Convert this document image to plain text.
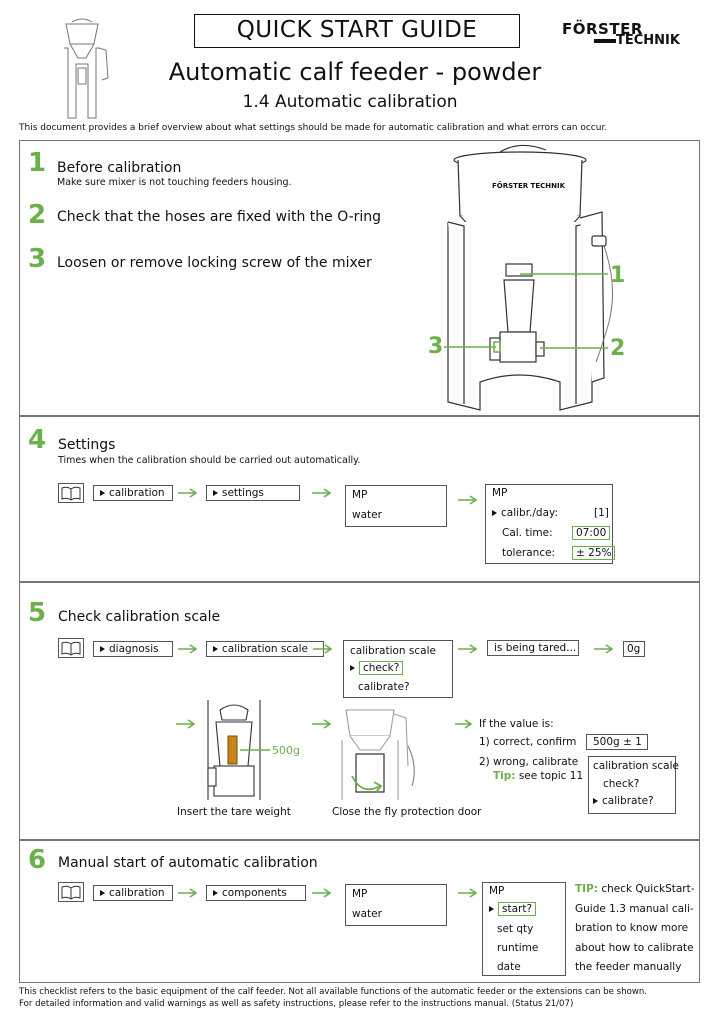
QUICK START GUIDE	FÖRSTER
TECHNIK
Automatic calf feeder - powder
1.4 Automatic calibration
This document provides a brief overview about what settings should be made for automatic calibration and what errors can occur.
1 Before calibration
Make sure mixer is not touching feeders housing.
2 Check that the hoses are fixed with the O-ring
3 Loosen or remove locking screw of the mixer
FÖRSTER TECHNIK
1
2
3
4 Settings
Times when the calibration should be carried out automatically.
calibration	settings	MP
water
MP
calibr./day:	[1]
Cal. time:	07:00
tolerance:	± 25%
5 Check calibration scale
diagnosis	calibration scale	calibration scale
check?
calibrate?
is being tared...	0g
500g
Insert the tare weight	Close the fly protection door
If the value is:
1) correct, confirm	500g ± 1
2) wrong, calibrate
Tip: see topic 11
calibration scale
check?
calibrate?
6 Manual start of automatic calibration
calibration	components	MP
water
MP
start?
set qty
runtime
date
TIP: check QuickStart-
Guide 1.3 manual cali-
bration to know more
about how to calibrate
the feeder manually
This checklist refers to the basic equipment of the calf feeder. Not all available functions of the automatic feeder or the extensions can be shown.
For detailed information and valid warnings as well as safety instructions, please refer to the instructions manual. (Status 21/07)
